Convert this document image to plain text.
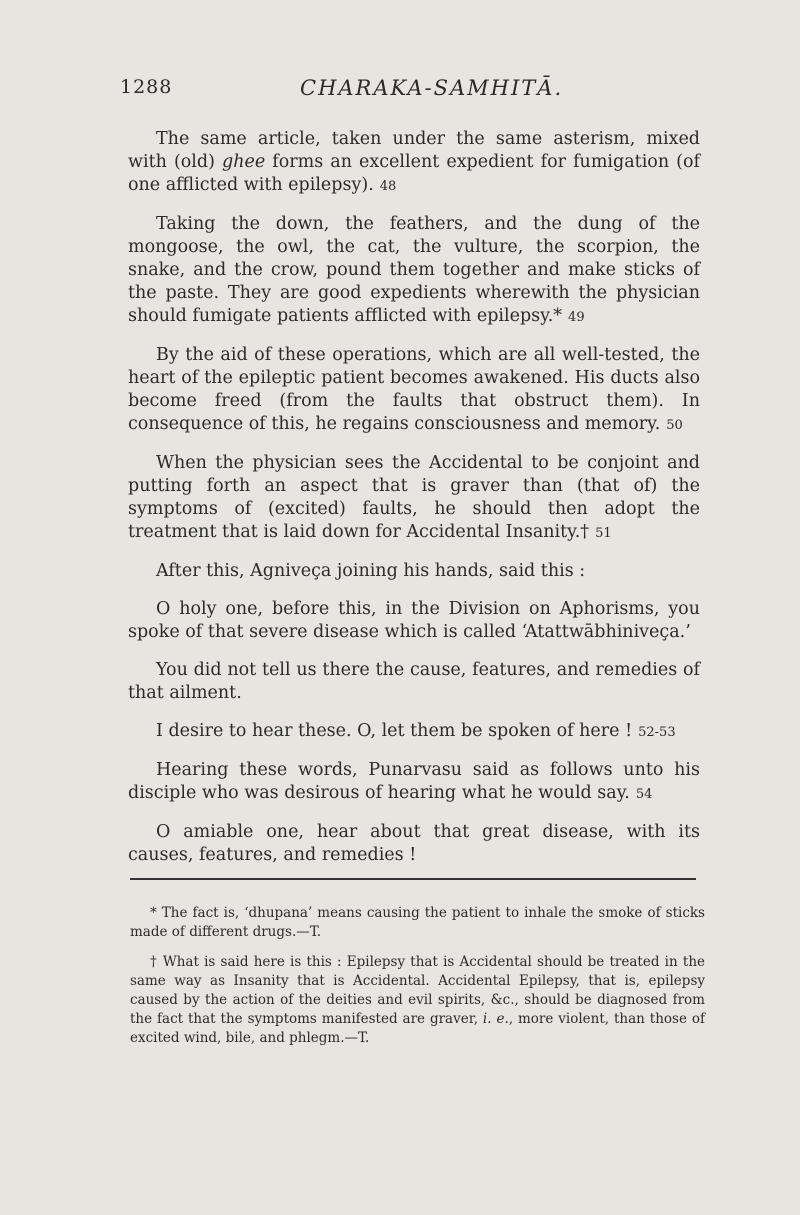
1288	CHARAKA-SAMHITĀ.

The same article, taken under the same asterism, mixed with (old) ghee forms an excellent expedient for fumigation (of one afflicted with epilepsy). 48

Taking the down, the feathers, and the dung of the mongoose, the owl, the cat, the vulture, the scorpion, the snake, and the crow, pound them together and make sticks of the paste. They are good expedients wherewith the physician should fumigate patients afflicted with epilepsy.* 49

By the aid of these operations, which are all well-tested, the heart of the epileptic patient becomes awakened. His ducts also become freed (from the faults that obstruct them). In consequence of this, he regains consciousness and memory. 50

When the physician sees the Accidental to be conjoint and putting forth an aspect that is graver than (that of) the symptoms of (excited) faults, he should then adopt the treatment that is laid down for Accidental Insanity.† 51

After this, Agniveça joining his hands, said this :

O holy one, before this, in the Division on Aphorisms, you spoke of that severe disease which is called ‘Atattwābhiniveça.’

You did not tell us there the cause, features, and remedies of that ailment.

I desire to hear these. O, let them be spoken of here ! 52-53

Hearing these words, Punarvasu said as follows unto his disciple who was desirous of hearing what he would say. 54

O amiable one, hear about that great disease, with its causes, features, and remedies !

* The fact is, ‘dhupana’ means causing the patient to inhale the smoke of sticks made of different drugs.—T.

† What is said here is this : Epilepsy that is Accidental should be treated in the same way as Insanity that is Accidental. Accidental Epilepsy, that is, epilepsy caused by the action of the deities and evil spirits, &c., should be diagnosed from the fact that the symptoms manifested are graver, i. e., more violent, than those of excited wind, bile, and phlegm.—T.
